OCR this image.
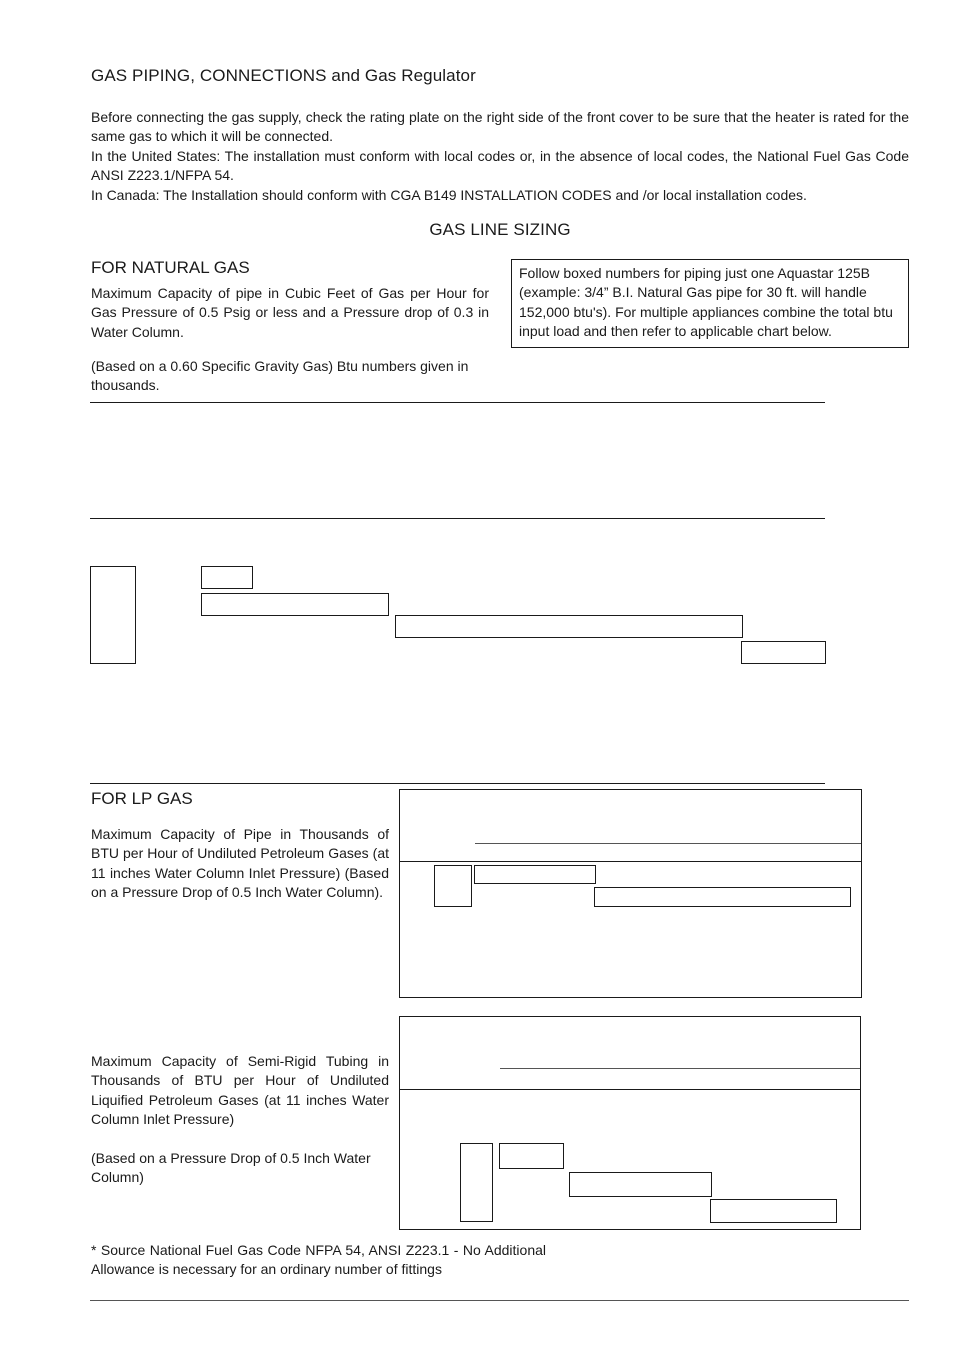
GAS PIPING, CONNECTIONS and Gas Regulator
Before connecting the gas supply, check the rating plate on the right side of the front cover to be sure that the heater is rated for the same gas to which it will be connected.
In the United States: The installation must conform with local codes or, in the absence of local codes, the National Fuel Gas Code ANSI Z223.1/NFPA 54.
In Canada: The Installation should conform with CGA B149 INSTALLATION CODES and /or local installation codes.
GAS LINE SIZING
FOR NATURAL GAS
Maximum Capacity of pipe in Cubic Feet of Gas per Hour for Gas Pressure of 0.5 Psig or less and a Pressure drop of 0.3 in Water Column.
(Based on a 0.60 Specific Gravity Gas) Btu numbers given in thousands.
Follow boxed numbers for piping just one Aquastar 125B (example: 3/4” B.I. Natural Gas pipe for 30 ft. will handle 152,000 btu's). For multiple appliances combine the total btu input load and then refer to applicable chart below.
FOR LP GAS
Maximum Capacity of Pipe in Thousands of BTU per Hour of Undiluted Petroleum Gases (at 11 inches Water Column Inlet Pressure) (Based on a Pressure Drop of 0.5 Inch Water Column).
Maximum Capacity of Semi-Rigid Tubing in Thousands of BTU per Hour of Undiluted Liquified Petroleum Gases (at 11 inches Water Column Inlet Pressure)
(Based on a Pressure Drop of 0.5 Inch Water Column)
* Source National Fuel Gas Code NFPA 54, ANSI Z223.1 - No Additional Allowance is necessary for an ordinary number of fittings
